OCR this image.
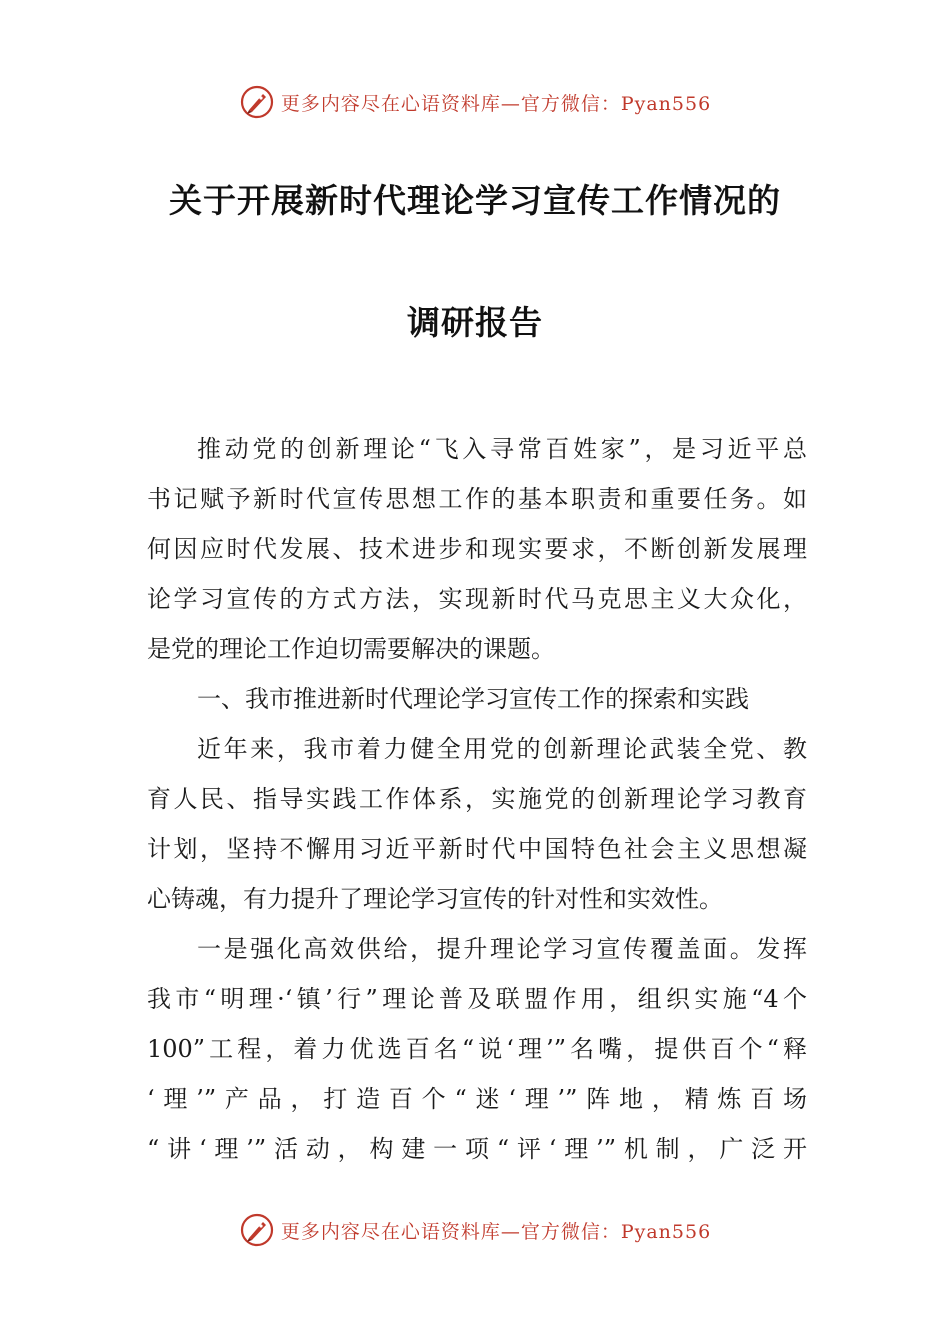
更多内容尽在心语资料库—官方微信：Pyan556
关于开展新时代理论学习宣传工作情况的
调研报告
推动党的创新理论“飞入寻常百姓家”，是习近平总
书记赋予新时代宣传思想工作的基本职责和重要任务。如
何因应时代发展、技术进步和现实要求，不断创新发展理
论学习宣传的方式方法，实现新时代马克思主义大众化，
是党的理论工作迫切需要解决的课题。
一、我市推进新时代理论学习宣传工作的探索和实践
近年来，我市着力健全用党的创新理论武装全党、教
育人民、指导实践工作体系，实施党的创新理论学习教育
计划，坚持不懈用习近平新时代中国特色社会主义思想凝
心铸魂，有力提升了理论学习宣传的针对性和实效性。
一是强化高效供给，提升理论学习宣传覆盖面。发挥
我市“明理·‘镇’行”理论普及联盟作用，组织实施“4个
100”工程，着力优选百名“说‘理’”名嘴，提供百个“释
‘理’”产品，打造百个“迷‘理’”阵地，精炼百场
“讲‘理’”活动，构建一项“评‘理’”机制，广泛开
更多内容尽在心语资料库—官方微信：Pyan556
